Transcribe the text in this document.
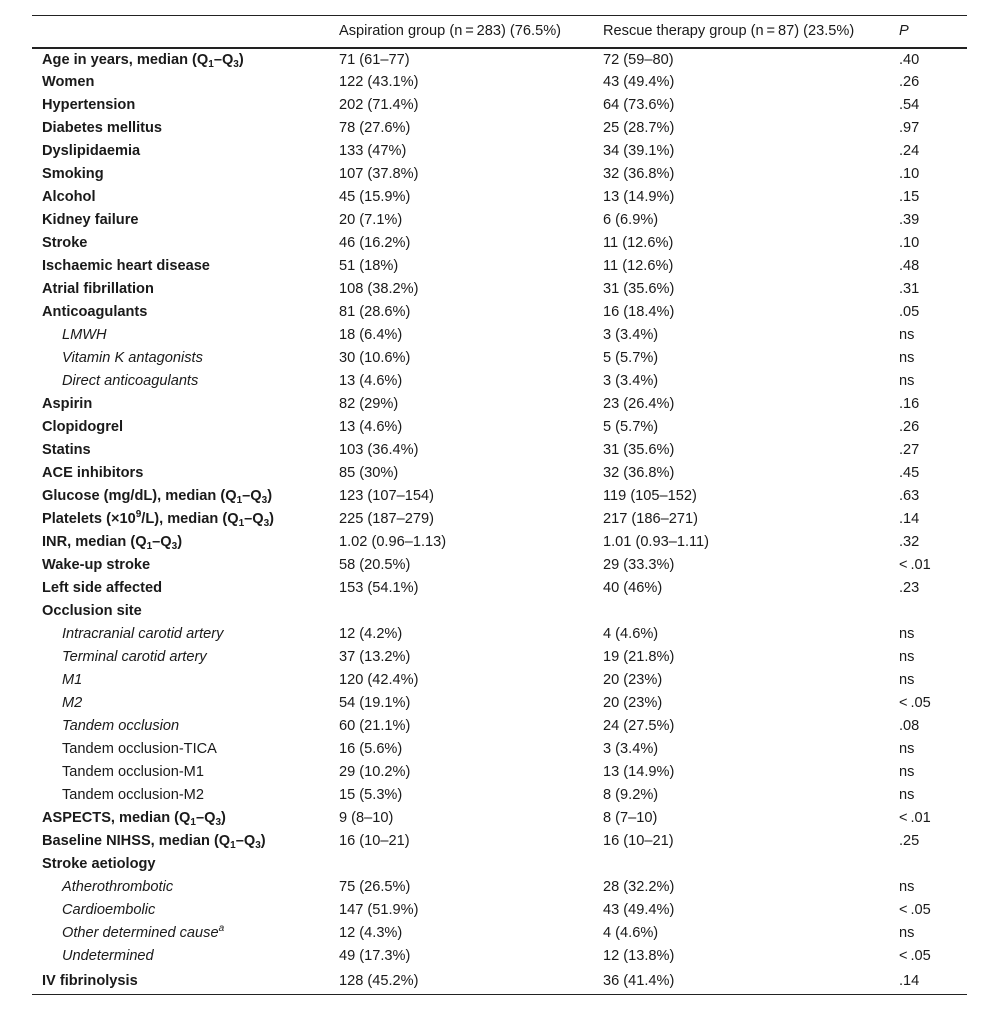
	Aspiration group (n = 283) (76.5%)	Rescue therapy group (n = 87) (23.5%)	P
Age in years, median $(Q_1-Q_3)$	71 (61–77)	72 (59–80)	.40
Women	122 (43.1%)	43 (49.4%)	.26
Hypertension	202 (71.4%)	64 (73.6%)	.54
Diabetes mellitus	78 (27.6%)	25 (28.7%)	.97
Dyslipidaemia	133 (47%)	34 (39.1%)	.24
Smoking	107 (37.8%)	32 (36.8%)	.10
Alcohol	45 (15.9%)	13 (14.9%)	.15
Kidney failure	20 (7.1%)	6 (6.9%)	.39
Stroke	46 (16.2%)	11 (12.6%)	.10
Ischaemic heart disease	51 (18%)	11 (12.6%)	.48
Atrial fibrillation	108 (38.2%)	31 (35.6%)	.31
Anticoagulants	81 (28.6%)	16 (18.4%)	.05
LMWH	18 (6.4%)	3 (3.4%)	ns
Vitamin K antagonists	30 (10.6%)	5 (5.7%)	ns
Direct anticoagulants	13 (4.6%)	3 (3.4%)	ns
Aspirin	82 (29%)	23 (26.4%)	.16
Clopidogrel	13 (4.6%)	5 (5.7%)	.26
Statins	103 (36.4%)	31 (35.6%)	.27
ACE inhibitors	85 (30%)	32 (36.8%)	.45
Glucose (mg/dL), median $(Q_1-Q_3)$	123 (107–154)	119 (105–152)	.63
Platelets $(\times 10^9/L)$, median $(Q_1-Q_3)$	225 (187–279)	217 (186–271)	.14
INR, median $(Q_1-Q_3)$	1.02 (0.96–1.13)	1.01 (0.93–1.11)	.32
Wake-up stroke	58 (20.5%)	29 (33.3%)	< .01
Left side affected	153 (54.1%)	40 (46%)	.23
Occlusion site			
Intracranial carotid artery	12 (4.2%)	4 (4.6%)	ns
Terminal carotid artery	37 (13.2%)	19 (21.8%)	ns
M1	120 (42.4%)	20 (23%)	ns
M2	54 (19.1%)	20 (23%)	< .05
Tandem occlusion	60 (21.1%)	24 (27.5%)	.08
Tandem occlusion-TICA	16 (5.6%)	3 (3.4%)	ns
Tandem occlusion-M1	29 (10.2%)	13 (14.9%)	ns
Tandem occlusion-M2	15 (5.3%)	8 (9.2%)	ns
ASPECTS, median $(Q_1-Q_3)$	9 (8–10)	8 (7–10)	< .01
Baseline NIHSS, median $(Q_1-Q_3)$	16 (10–21)	16 (10–21)	.25
Stroke aetiology			
Atherothrombotic	75 (26.5%)	28 (32.2%)	ns
Cardioembolic	147 (51.9%)	43 (49.4%)	< .05
Other determined cause$^a$	12 (4.3%)	4 (4.6%)	ns
Undetermined	49 (17.3%)	12 (13.8%)	< .05
IV fibrinolysis	128 (45.2%)	36 (41.4%)	.14
